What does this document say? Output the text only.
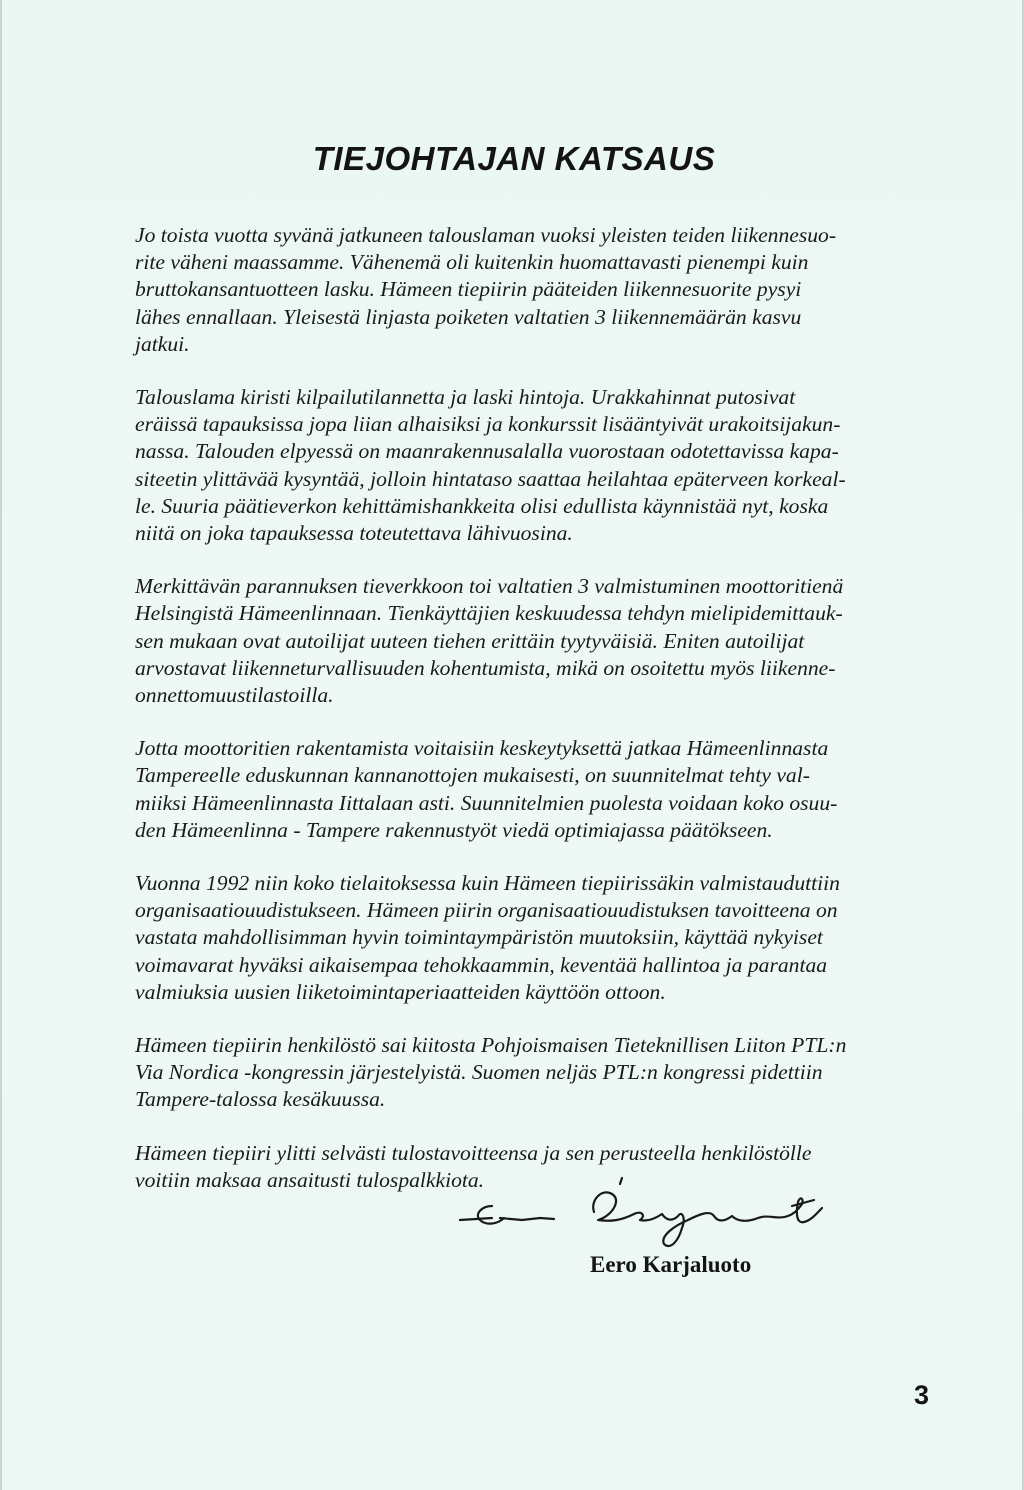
TIEJOHTAJAN KATSAUS

Jo toista vuotta syvänä jatkuneen talouslaman vuoksi yleisten teiden liikennesuo-
rite väheni maassamme. Vähenemä oli kuitenkin huomattavasti pienempi kuin
bruttokansantuotteen lasku. Hämeen tiepiirin pääteiden liikennesuorite pysyi
lähes ennallaan. Yleisestä linjasta poiketen valtatien 3 liikennemäärän kasvu
jatkui.

Talouslama kiristi kilpailutilannetta ja laski hintoja. Urakkahinnat putosivat
eräissä tapauksissa jopa liian alhaisiksi ja konkurssit lisääntyivät urakoitsijakun-
nassa. Talouden elpyessä on maanrakennusalalla vuorostaan odotettavissa kapa-
siteetin ylittävää kysyntää, jolloin hintataso saattaa heilahtaa epäterveen korkeal-
le. Suuria päätieverkon kehittämishankkeita olisi edullista käynnistää nyt, koska
niitä on joka tapauksessa toteutettava lähivuosina.

Merkittävän parannuksen tieverkkoon toi valtatien 3 valmistuminen moottoritienä
Helsingistä Hämeenlinnaan. Tienkäyttäjien keskuudessa tehdyn mielipidemittauk-
sen mukaan ovat autoilijat uuteen tiehen erittäin tyytyväisiä. Eniten autoilijat
arvostavat liikenneturvallisuuden kohentumista, mikä on osoitettu myös liikenne-
onnettomuustilastoilla.

Jotta moottoritien rakentamista voitaisiin keskeytyksettä jatkaa Hämeenlinnasta
Tampereelle eduskunnan kannanottojen mukaisesti, on suunnitelmat tehty val-
miiksi Hämeenlinnasta Iittalaan asti. Suunnitelmien puolesta voidaan koko osuu-
den Hämeenlinna - Tampere rakennustyöt viedä optimiajassa päätökseen.

Vuonna 1992 niin koko tielaitoksessa kuin Hämeen tiepiirissäkin valmistauduttiin
organisaatiouudistukseen. Hämeen piirin organisaatiouudistuksen tavoitteena on
vastata mahdollisimman hyvin toimintaympäristön muutoksiin, käyttää nykyiset
voimavarat hyväksi aikaisempaa tehokkaammin, keventää hallintoa ja parantaa
valmiuksia uusien liiketoimintaperiaatteiden käyttöön ottoon.

Hämeen tiepiirin henkilöstö sai kiitosta Pohjoismaisen Tieteknillisen Liiton PTL:n
Via Nordica -kongressin järjestelyistä. Suomen neljäs PTL:n kongressi pidettiin
Tampere-talossa kesäkuussa.

Hämeen tiepiiri ylitti selvästi tulostavoitteensa ja sen perusteella henkilöstölle
voitiin maksaa ansaitusti tulospalkkiota.

Eero Karjaluoto
3
